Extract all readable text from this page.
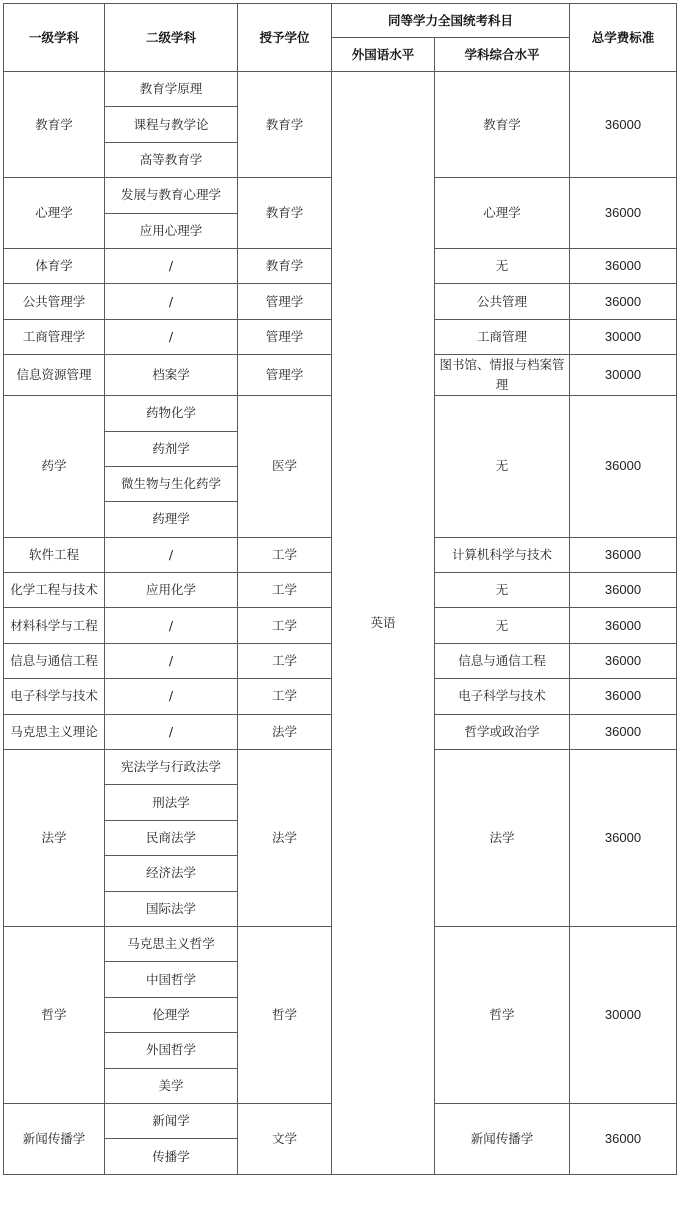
一级学科	二级学科	授予学位	同等学力全国统考科目		总学费标准
			外国语水平	学科综合水平	
教育学	教育学原理	教育学	英语	教育学	36000
	课程与教学论				
	高等教育学				
心理学	发展与教育心理学	教育学		心理学	36000
	应用心理学				
体育学	/	教育学		无	36000
公共管理学	/	管理学		公共管理	36000
工商管理学	/	管理学		工商管理	30000
信息资源管理	档案学	管理学		图书馆、情报与档案管理	30000
药学	药物化学	医学		无	36000
	药剂学				
	微生物与生化药学				
	药理学				
软件工程	/	工学		计算机科学与技术	36000
化学工程与技术	应用化学	工学		无	36000
材料科学与工程	/	工学		无	36000
信息与通信工程	/	工学		信息与通信工程	36000
电子科学与技术	/	工学		电子科学与技术	36000
马克思主义理论	/	法学		哲学或政治学	36000
法学	宪法学与行政法学	法学		法学	36000
	刑法学				
	民商法学				
	经济法学				
	国际法学				
哲学	马克思主义哲学	哲学		哲学	30000
	中国哲学				
	伦理学				
	外国哲学				
	美学				
新闻传播学	新闻学	文学		新闻传播学	36000
	传播学				
